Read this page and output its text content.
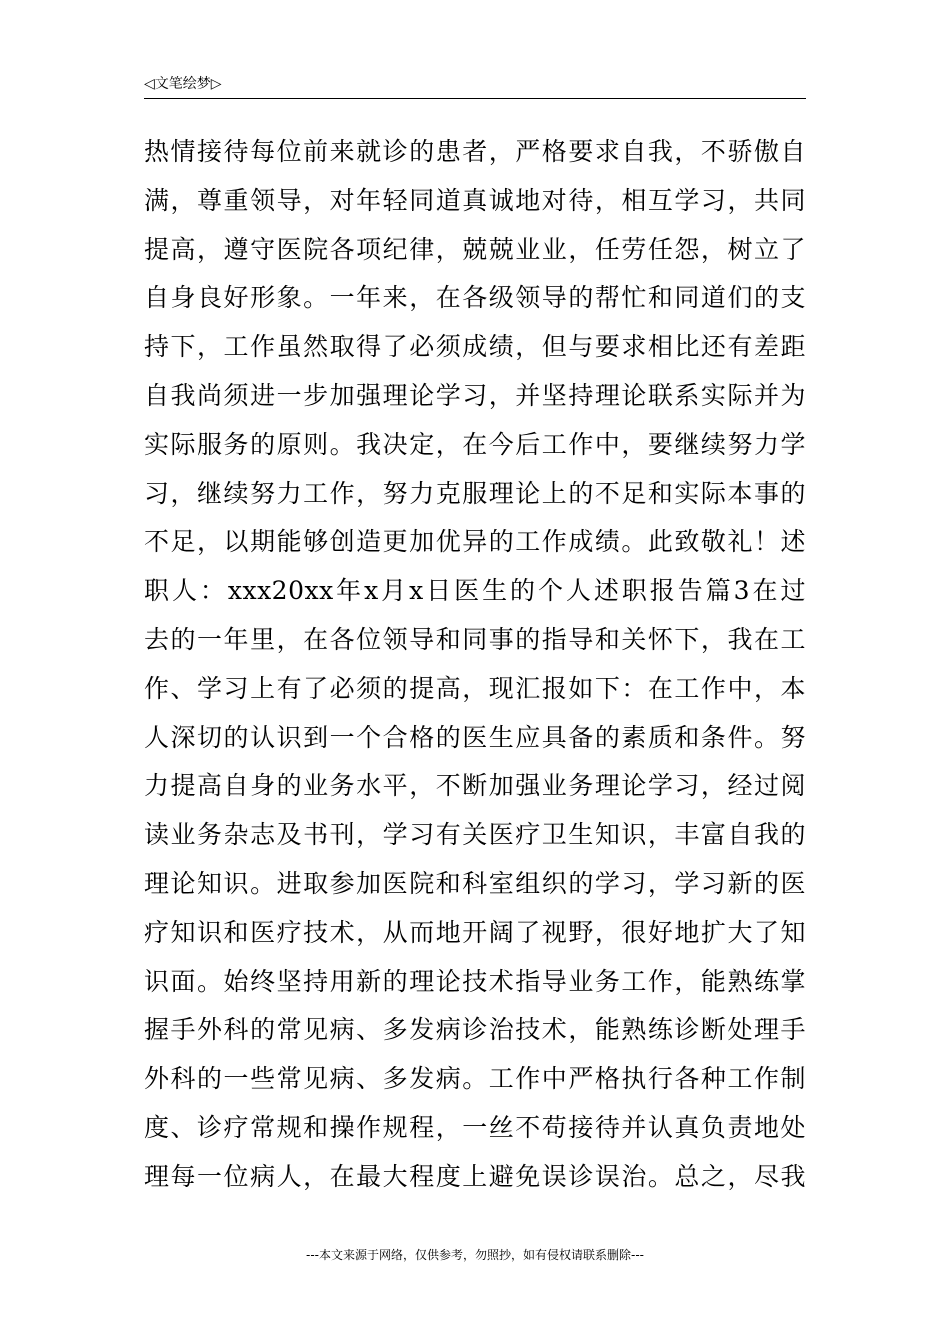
◁文笔绘梦▷
热情接待每位前来就诊的患者，严格要求自我，不骄傲自
满，尊重领导，对年轻同道真诚地对待，相互学习，共同
提高，遵守医院各项纪律，兢兢业业，任劳任怨，树立了
自身良好形象。一年来，在各级领导的帮忙和同道们的支
持下，工作虽然取得了必须成绩，但与要求相比还有差距
自我尚须进一步加强理论学习，并坚持理论联系实际并为
实际服务的原则。我决定，在今后工作中，要继续努力学
习，继续努力工作，努力克服理论上的不足和实际本事的
不足，以期能够创造更加优异的工作成绩。此致敬礼！述
职人：xxx20xx年x月x日医生的个人述职报告篇3在过
去的一年里，在各位领导和同事的指导和关怀下，我在工
作、学习上有了必须的提高，现汇报如下：在工作中，本
人深切的认识到一个合格的医生应具备的素质和条件。努
力提高自身的业务水平，不断加强业务理论学习，经过阅
读业务杂志及书刊，学习有关医疗卫生知识，丰富自我的
理论知识。进取参加医院和科室组织的学习，学习新的医
疗知识和医疗技术，从而地开阔了视野，很好地扩大了知
识面。始终坚持用新的理论技术指导业务工作，能熟练掌
握手外科的常见病、多发病诊治技术，能熟练诊断处理手
外科的一些常见病、多发病。工作中严格执行各种工作制
度、诊疗常规和操作规程，一丝不苟接待并认真负责地处
理每一位病人，在最大程度上避免误诊误治。总之，尽我
---本文来源于网络，仅供参考，勿照抄，如有侵权请联系删除---
